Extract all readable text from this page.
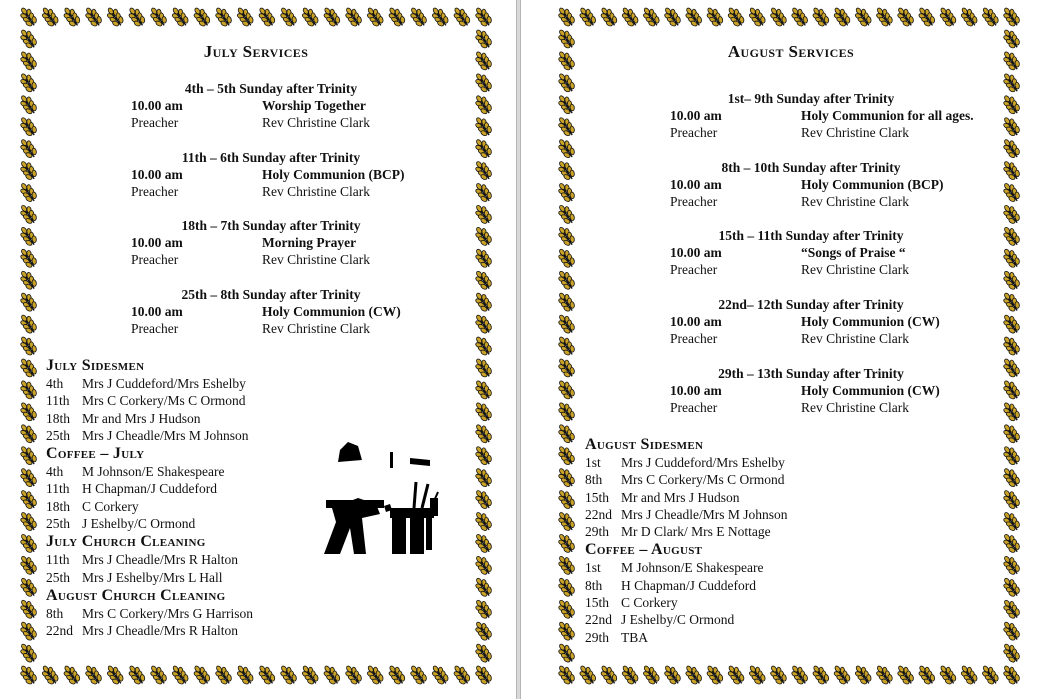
July Services
4th – 5th Sunday after Trinity
10.00 am	Worship Together
Preacher	Rev Christine Clark
11th – 6th Sunday after Trinity
10.00 am	Holy Communion (BCP)
Preacher	Rev Christine Clark
18th – 7th Sunday after Trinity
10.00 am	Morning Prayer
Preacher	Rev Christine Clark
25th – 8th Sunday after Trinity
10.00 am	Holy Communion (CW)
Preacher	Rev Christine Clark
July Sidesmen
4th Mrs J Cuddeford/Mrs Eshelby
11th Mrs C Corkery/Ms C Ormond
18th Mr and Mrs J Hudson
25th Mrs J Cheadle/Mrs M Johnson
Coffee – July
4th M Johnson/E Shakespeare
11th H Chapman/J Cuddeford
18th C Corkery
25th J Eshelby/C Ormond
July Church Cleaning
11th Mrs J Cheadle/Mrs R Halton
25th Mrs J Eshelby/Mrs L Hall
August Church Cleaning
8th Mrs C Corkery/Mrs G Harrison
22nd Mrs J Cheadle/Mrs R Halton
August Services
1st– 9th Sunday after Trinity
10.00 am	Holy Communion for all ages.
Preacher	Rev Christine Clark
8th – 10th Sunday after Trinity
10.00 am	Holy Communion (BCP)
Preacher	Rev Christine Clark
15th – 11th Sunday after Trinity
10.00 am	“Songs of Praise “
Preacher	Rev Christine Clark
22nd– 12th Sunday after Trinity
10.00 am	Holy Communion (CW)
Preacher	Rev Christine Clark
29th – 13th Sunday after Trinity
10.00 am	Holy Communion (CW)
Preacher	Rev Christine Clark
August Sidesmen
1st Mrs J Cuddeford/Mrs Eshelby
8th Mrs C Corkery/Ms C Ormond
15th Mr and Mrs J Hudson
22nd Mrs J Cheadle/Mrs M Johnson
29th Mr D Clark/ Mrs E Nottage
Coffee – August
1st M Johnson/E Shakespeare
8th H Chapman/J Cuddeford
15th C Corkery
22nd J Eshelby/C Ormond
29th TBA
